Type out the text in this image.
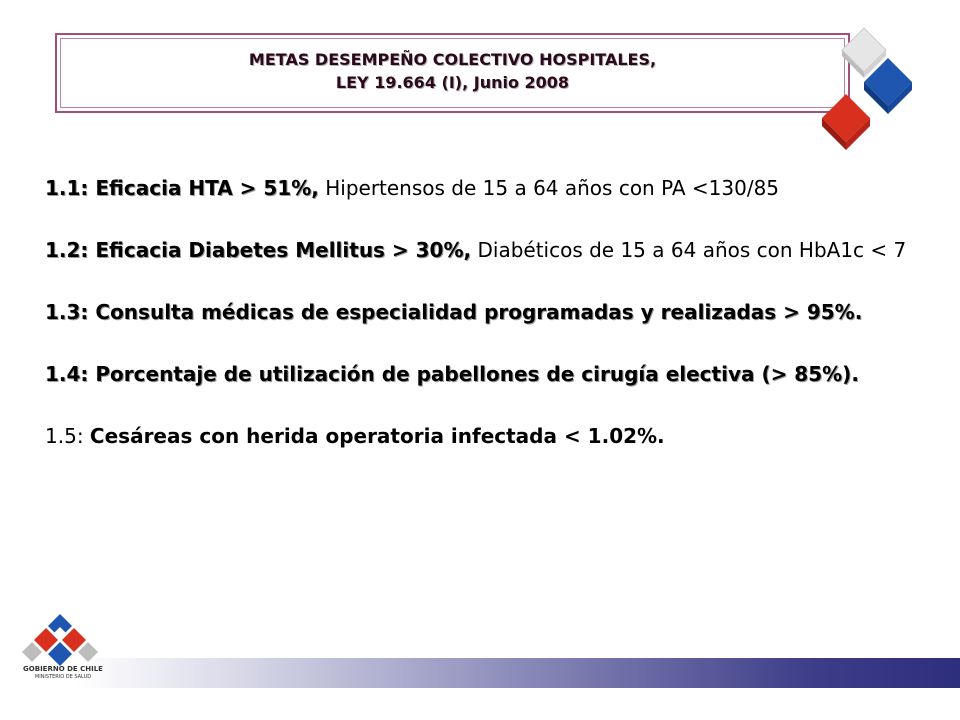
METAS DESEMPEÑO COLECTIVO HOSPITALES,
LEY 19.664 (I), Junio 2008
1.1: Eficacia HTA > 51%, Hipertensos de 15 a 64 años con PA <130/85
1.2: Eficacia Diabetes Mellitus > 30%, Diabéticos de 15 a 64 años con HbA1c < 7
1.3: Consulta médicas de especialidad programadas y realizadas > 95%.
1.4: Porcentaje de utilización de pabellones de cirugía electiva (> 85%).
1.5: Cesáreas con herida operatoria infectada < 1.02%.
GOBIERNO DE CHILE
MINISTERIO DE SALUD
